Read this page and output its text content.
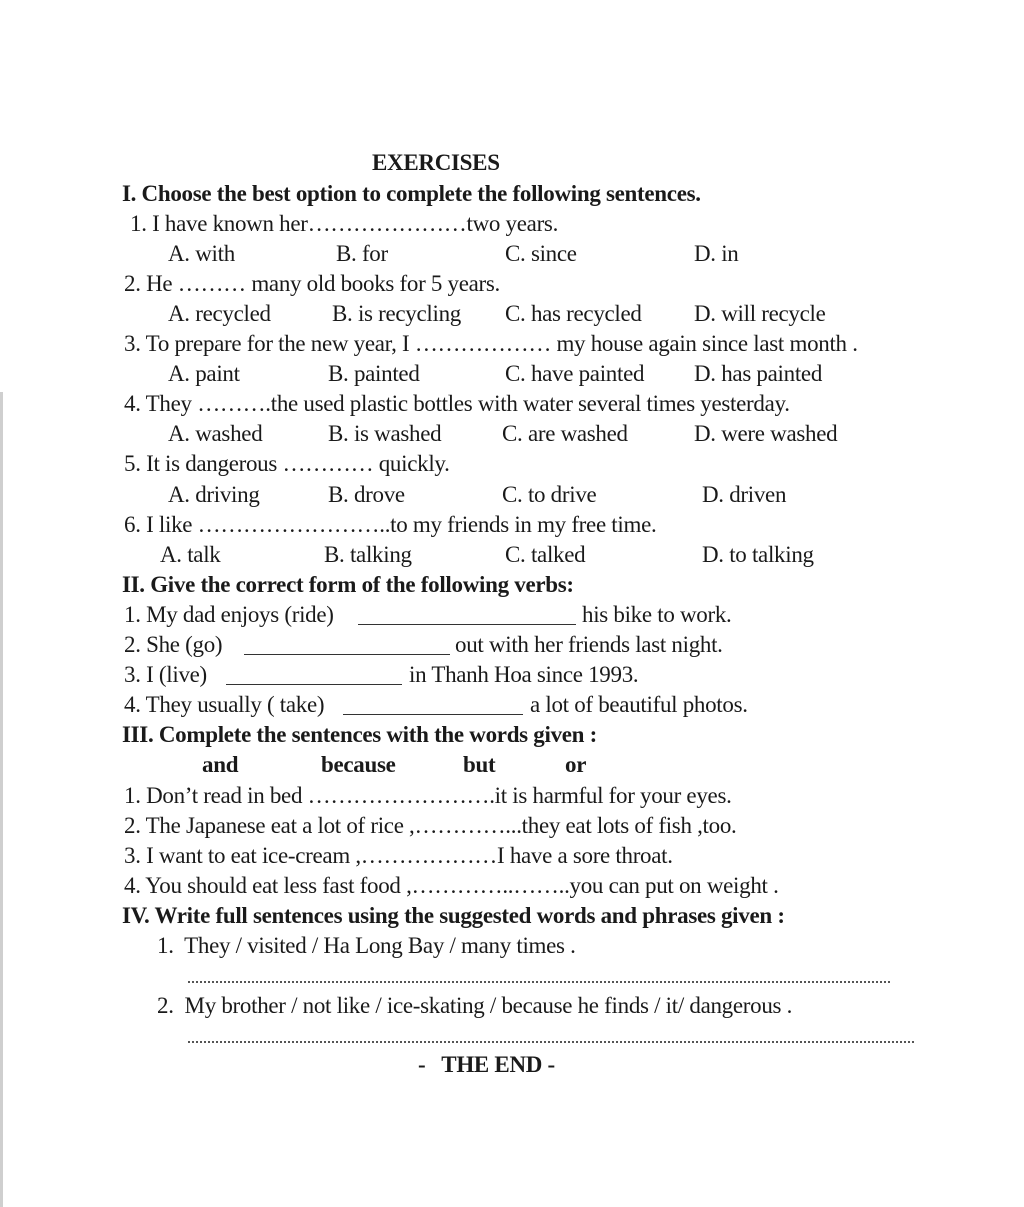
EXERCISES
I. Choose the best option to complete the following sentences.
1. I have known her…………………two years.
A. with	B. for	C. since	D. in
2. He ……… many old books for 5 years.
A. recycled	B. is recycling C. has recycled D. will recycle
3. To prepare for the new year, I ……………… my house again since last month .
A. paint	B. painted	C. have painted D. has painted
4. They ……….the used plastic bottles with water several times yesterday.
A. washed	B. is washed	C. are washed	D. were washed
5. It is dangerous ………… quickly.
A. driving	B. drove	C. to drive	D. driven
6. I like ……………………..to my friends in my free time.
A. talk	B. talking	C. talked	D. to talking
II. Give the correct form of the following verbs:
1. My dad enjoys (ride)	his bike to work.
2. She (go)	out with her friends last night.
3. I (live)	in Thanh Hoa since 1993.
4. They usually ( take)	a lot of beautiful photos.
III. Complete the sentences with the words given :
and	because	but	or
1. Don’t read in bed …………………….it is harmful for your eyes.
2. The Japanese eat a lot of rice ,…………...they eat lots of fish ,too.
3. I want to eat ice-cream ,………………I have a sore throat.
4. You should eat less fast food ,…………..……..you can put on weight .
IV. Write full sentences using the suggested words and phrases given :
1.  They / visited / Ha Long Bay / many times .
2.  My brother / not like / ice-skating / because he finds / it/ dangerous .
-   THE END -
